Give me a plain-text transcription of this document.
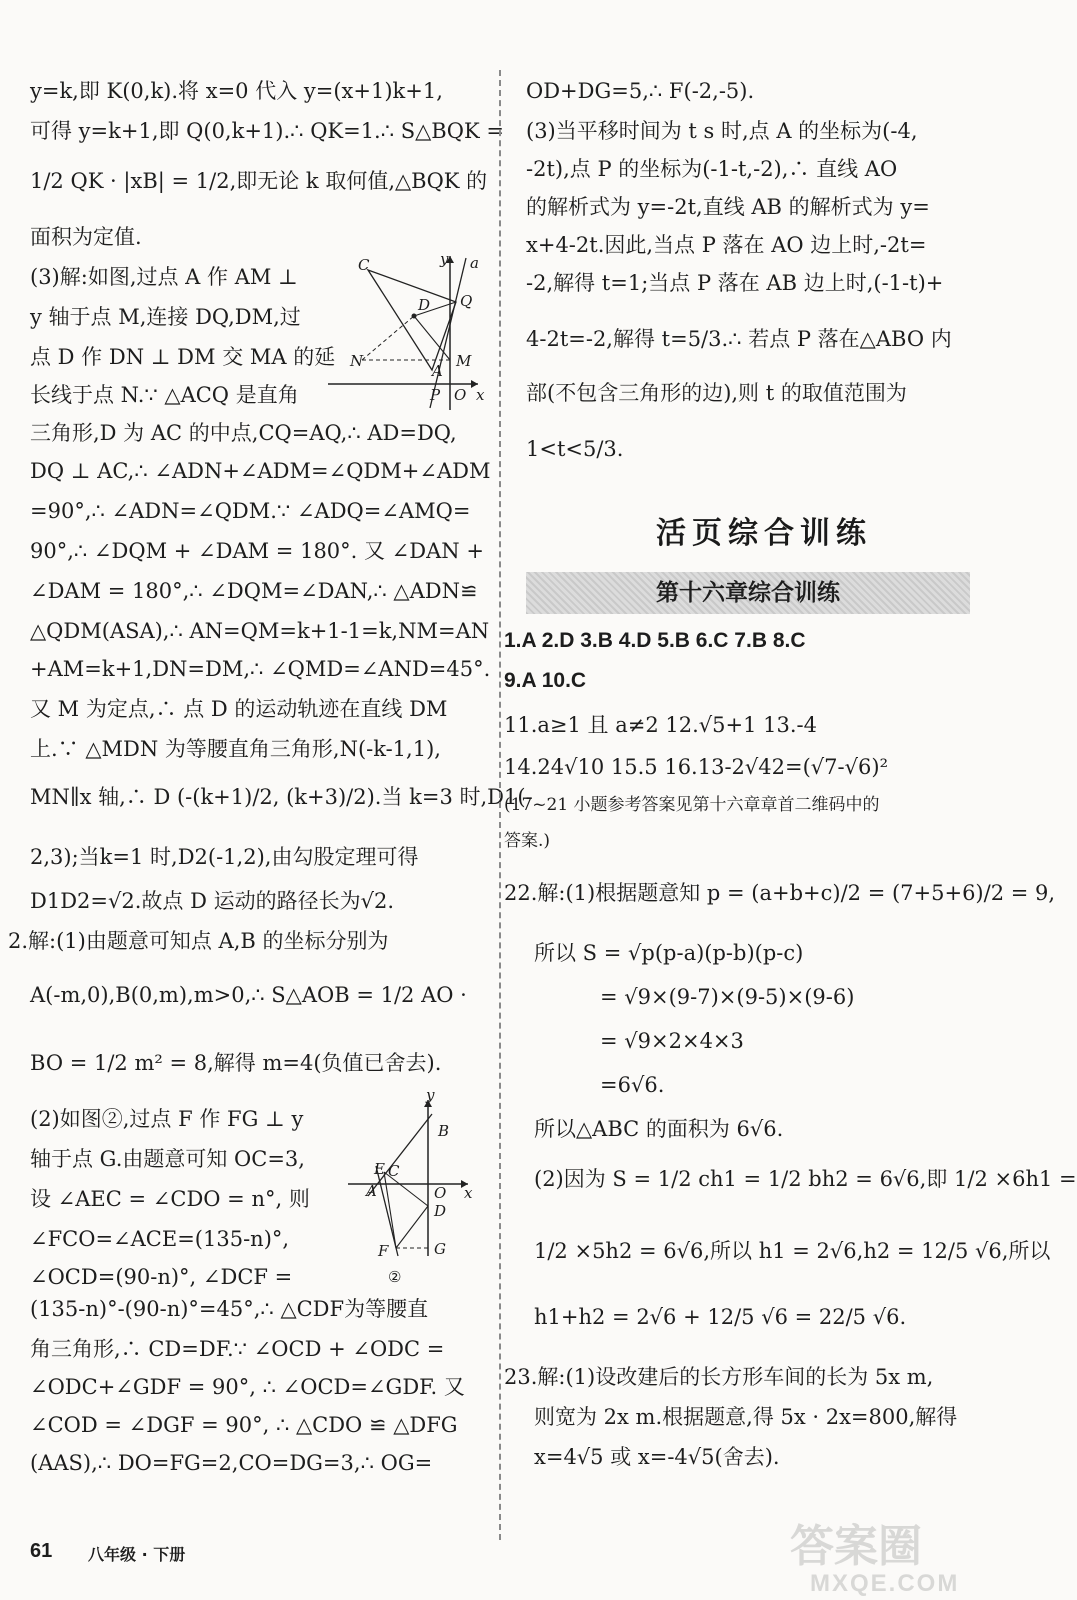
y=k,即 K(0,k).将 x=0 代入 y=(x+1)k+1,
可得 y=k+1,即 Q(0,k+1).∴ QK=1.∴ S△BQK =
1/2 QK · |xB| = 1/2,即无论 k 取何值,△BQK 的
面积为定值.
(3)解:如图,过点 A 作 AM ⊥
y 轴于点 M,连接 DQ,DM,过
点 D 作 DN ⊥ DM 交 MA 的延
长线于点 N.∵ △ACQ 是直角
三角形,D 为 AC 的中点,CQ=AQ,∴ AD=DQ,
DQ ⊥ AC,∴ ∠ADN+∠ADM=∠QDM+∠ADM
=90°,∴ ∠ADN=∠QDM.∵ ∠ADQ=∠AMQ=
90°,∴ ∠DQM + ∠DAM = 180°. 又 ∠DAN +
∠DAM = 180°,∴ ∠DQM=∠DAN,∴ △ADN≌
△QDM(ASA),∴ AN=QM=k+1-1=k,NM=AN
+AM=k+1,DN=DM,∴ ∠QMD=∠AND=45°.
又 M 为定点,∴ 点 D 的运动轨迹在直线 DM
上.∵ △MDN 为等腰直角三角形,N(-k-1,1),
MN∥x 轴,∴ D (-(k+1)/2, (k+3)/2).当 k=3 时,D1(-
2,3);当k=1 时,D2(-1,2),由勾股定理可得
D1D2=√2.故点 D 运动的路径长为√2.
2.解:(1)由题意可知点 A,B 的坐标分别为
A(-m,0),B(0,m),m>0,∴ S△AOB = 1/2 AO ·
BO = 1/2 m² = 8,解得 m=4(负值已舍去).
(2)如图②,过点 F 作 FG ⊥ y
轴于点 G.由题意可知 OC=3,
设 ∠AEC = ∠CDO = n°, 则
∠FCO=∠ACE=(135-n)°,
∠OCD=(90-n)°, ∠DCF =
(135-n)°-(90-n)°=45°,∴ △CDF为等腰直
角三角形,∴ CD=DF.∵ ∠OCD + ∠ODC =
∠ODC+∠GDF = 90°, ∴ ∠OCD=∠GDF. 又
∠COD = ∠DGF = 90°, ∴ △CDO ≌ △DFG
(AAS),∴ DO=FG=2,CO=DG=3,∴ OG=
C	y a
Q
D
N	M
A
P O x
y
B
E C
A	O x
D
F	G
②
61 八年级 · 下册
OD+DG=5,∴ F(-2,-5).
(3)当平移时间为 t s 时,点 A 的坐标为(-4,
-2t),点 P 的坐标为(-1-t,-2),∴ 直线 AO
的解析式为 y=-2t,直线 AB 的解析式为 y=
x+4-2t.因此,当点 P 落在 AO 边上时,-2t=
-2,解得 t=1;当点 P 落在 AB 边上时,(-1-t)+
4-2t=-2,解得 t=5/3.∴ 若点 P 落在△ABO 内
部(不包含三角形的边),则 t 的取值范围为
1<t<5/3.
活页综合训练
第十六章综合训练
1.A 2.D 3.B 4.D 5.B 6.C 7.B 8.C
9.A 10.C
11.a≥1 且 a≠2 12.√5+1 13.-4
14.24√10 15.5 16.13-2√42=(√7-√6)²
(17~21 小题参考答案见第十六章章首二维码中的
答案.)
22.解:(1)根据题意知 p = (a+b+c)/2 = (7+5+6)/2 = 9,
所以 S = √p(p-a)(p-b)(p-c)
= √9×(9-7)×(9-5)×(9-6)
= √9×2×4×3
=6√6.
所以△ABC 的面积为 6√6.
(2)因为 S = 1/2 ch1 = 1/2 bh2 = 6√6,即 1/2 ×6h1 =
1/2 ×5h2 = 6√6,所以 h1 = 2√6,h2 = 12/5 √6,所以
h1+h2 = 2√6 + 12/5 √6 = 22/5 √6.
23.解:(1)设改建后的长方形车间的长为 5x m,
则宽为 2x m.根据题意,得 5x · 2x=800,解得
x=4√5 或 x=-4√5(舍去).
答案圈
MXQE.COM
